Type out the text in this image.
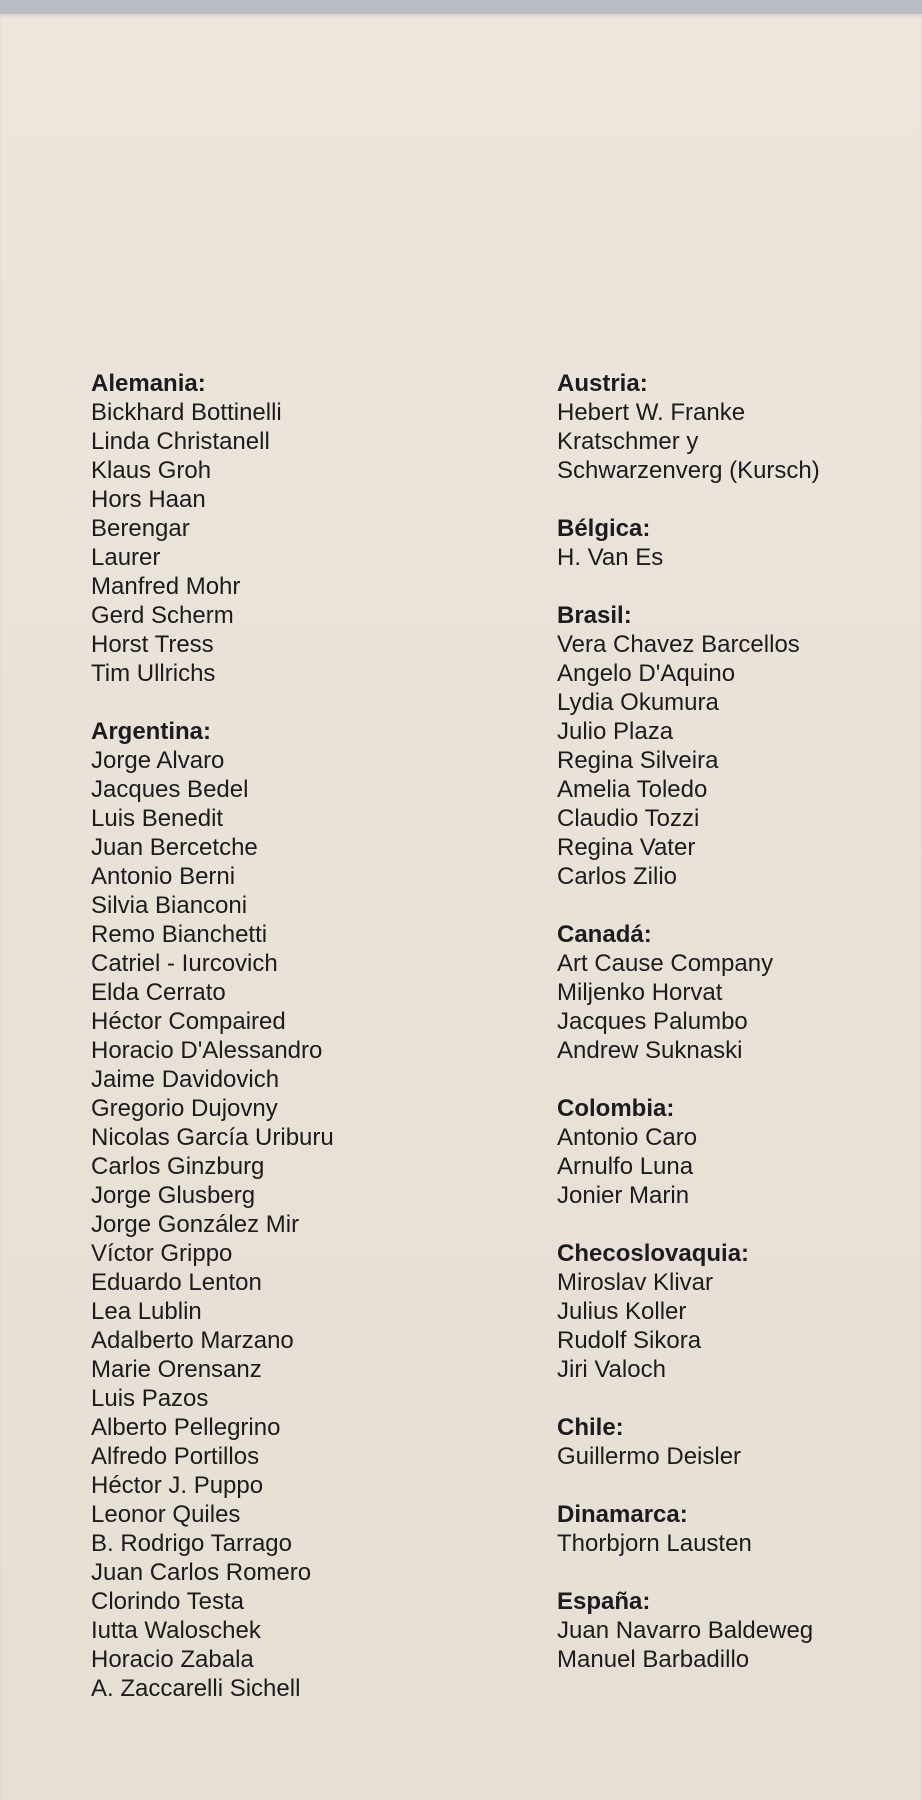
Alemania:
Bickhard Bottinelli
Linda Christanell
Klaus Groh
Hors Haan
Berengar
Laurer
Manfred Mohr
Gerd Scherm
Horst Tress
Tim Ullrichs
Argentina:
Jorge Alvaro
Jacques Bedel
Luis Benedit
Juan Bercetche
Antonio Berni
Silvia Bianconi
Remo Bianchetti
Catriel - Iurcovich
Elda Cerrato
Héctor Compaired
Horacio D'Alessandro
Jaime Davidovich
Gregorio Dujovny
Nicolas García Uriburu
Carlos Ginzburg
Jorge Glusberg
Jorge González Mir
Víctor Grippo
Eduardo Lenton
Lea Lublin
Adalberto Marzano
Marie Orensanz
Luis Pazos
Alberto Pellegrino
Alfredo Portillos
Héctor J. Puppo
Leonor Quiles
B. Rodrigo Tarrago
Juan Carlos Romero
Clorindo Testa
Iutta Waloschek
Horacio Zabala
A. Zaccarelli Sichell
Austria:
Hebert W. Franke
Kratschmer y
Schwarzenverg (Kursch)
Bélgica:
H. Van Es
Brasil:
Vera Chavez Barcellos
Angelo D'Aquino
Lydia Okumura
Julio Plaza
Regina Silveira
Amelia Toledo
Claudio Tozzi
Regina Vater
Carlos Zilio
Canadá:
Art Cause Company
Miljenko Horvat
Jacques Palumbo
Andrew Suknaski
Colombia:
Antonio Caro
Arnulfo Luna
Jonier Marin
Checoslovaquia:
Miroslav Klivar
Julius Koller
Rudolf Sikora
Jiri Valoch
Chile:
Guillermo Deisler
Dinamarca:
Thorbjorn Lausten
España:
Juan Navarro Baldeweg
Manuel Barbadillo
